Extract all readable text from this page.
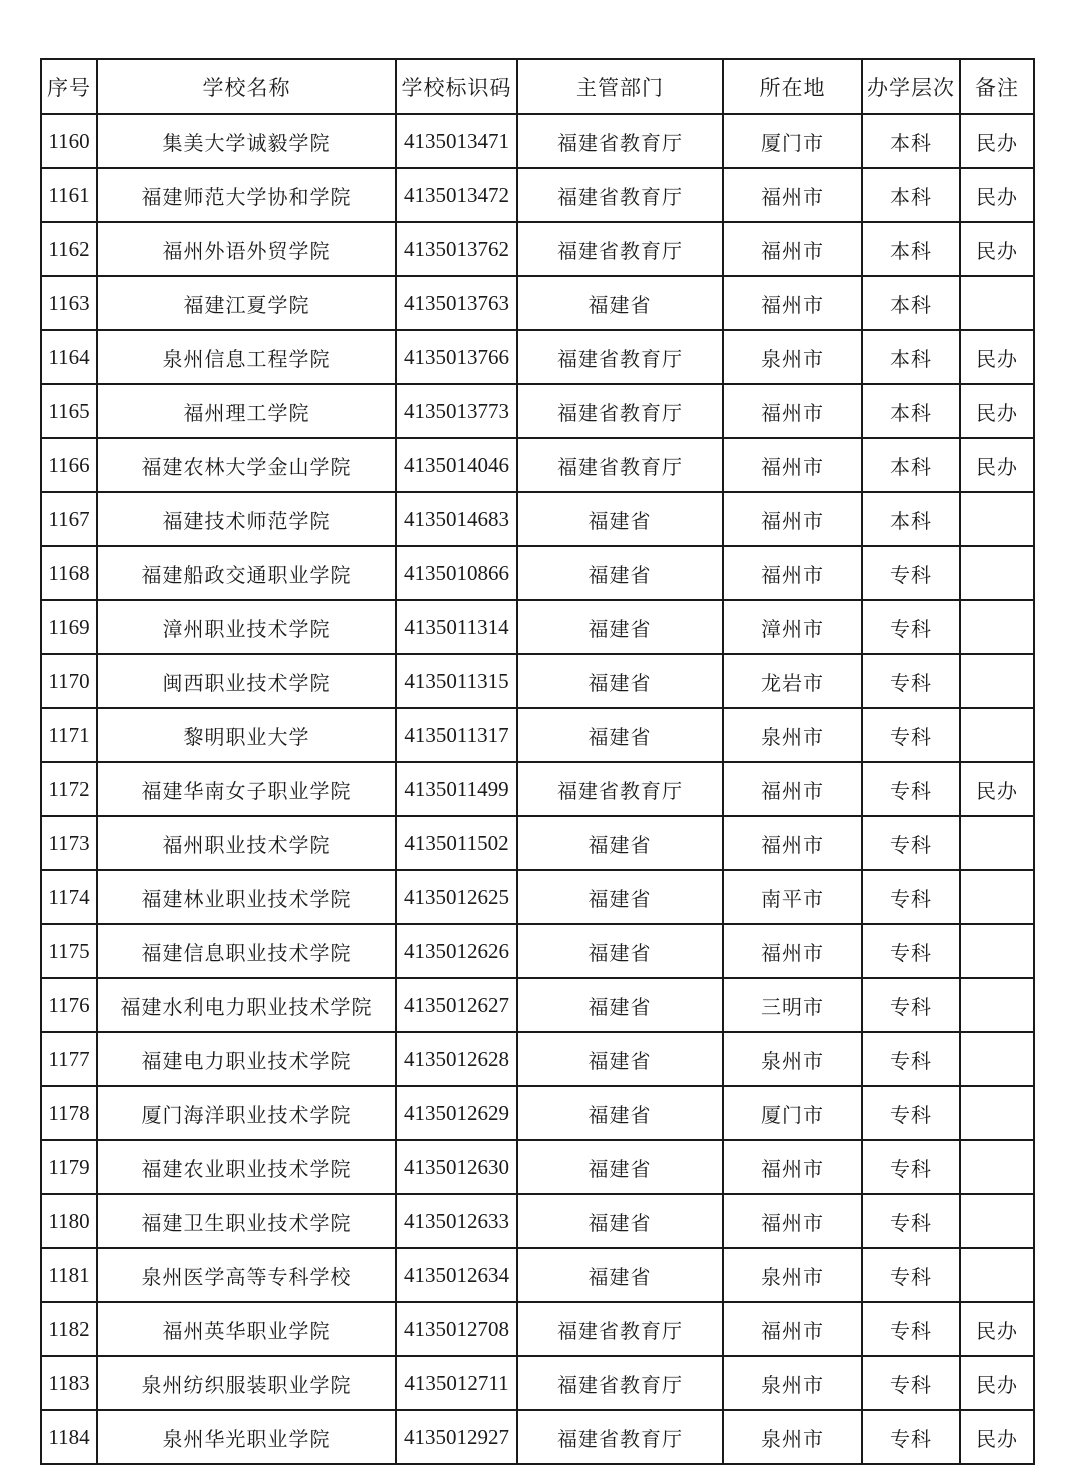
序号	学校名称	学校标识码	主管部门	所在地	办学层次	备注
1160	集美大学诚毅学院	4135013471	福建省教育厅	厦门市	本科	民办
1161	福建师范大学协和学院	4135013472	福建省教育厅	福州市	本科	民办
1162	福州外语外贸学院	4135013762	福建省教育厅	福州市	本科	民办
1163	福建江夏学院	4135013763	福建省	福州市	本科	
1164	泉州信息工程学院	4135013766	福建省教育厅	泉州市	本科	民办
1165	福州理工学院	4135013773	福建省教育厅	福州市	本科	民办
1166	福建农林大学金山学院	4135014046	福建省教育厅	福州市	本科	民办
1167	福建技术师范学院	4135014683	福建省	福州市	本科	
1168	福建船政交通职业学院	4135010866	福建省	福州市	专科	
1169	漳州职业技术学院	4135011314	福建省	漳州市	专科	
1170	闽西职业技术学院	4135011315	福建省	龙岩市	专科	
1171	黎明职业大学	4135011317	福建省	泉州市	专科	
1172	福建华南女子职业学院	4135011499	福建省教育厅	福州市	专科	民办
1173	福州职业技术学院	4135011502	福建省	福州市	专科	
1174	福建林业职业技术学院	4135012625	福建省	南平市	专科	
1175	福建信息职业技术学院	4135012626	福建省	福州市	专科	
1176	福建水利电力职业技术学院	4135012627	福建省	三明市	专科	
1177	福建电力职业技术学院	4135012628	福建省	泉州市	专科	
1178	厦门海洋职业技术学院	4135012629	福建省	厦门市	专科	
1179	福建农业职业技术学院	4135012630	福建省	福州市	专科	
1180	福建卫生职业技术学院	4135012633	福建省	福州市	专科	
1181	泉州医学高等专科学校	4135012634	福建省	泉州市	专科	
1182	福州英华职业学院	4135012708	福建省教育厅	福州市	专科	民办
1183	泉州纺织服装职业学院	4135012711	福建省教育厅	泉州市	专科	民办
1184	泉州华光职业学院	4135012927	福建省教育厅	泉州市	专科	民办
